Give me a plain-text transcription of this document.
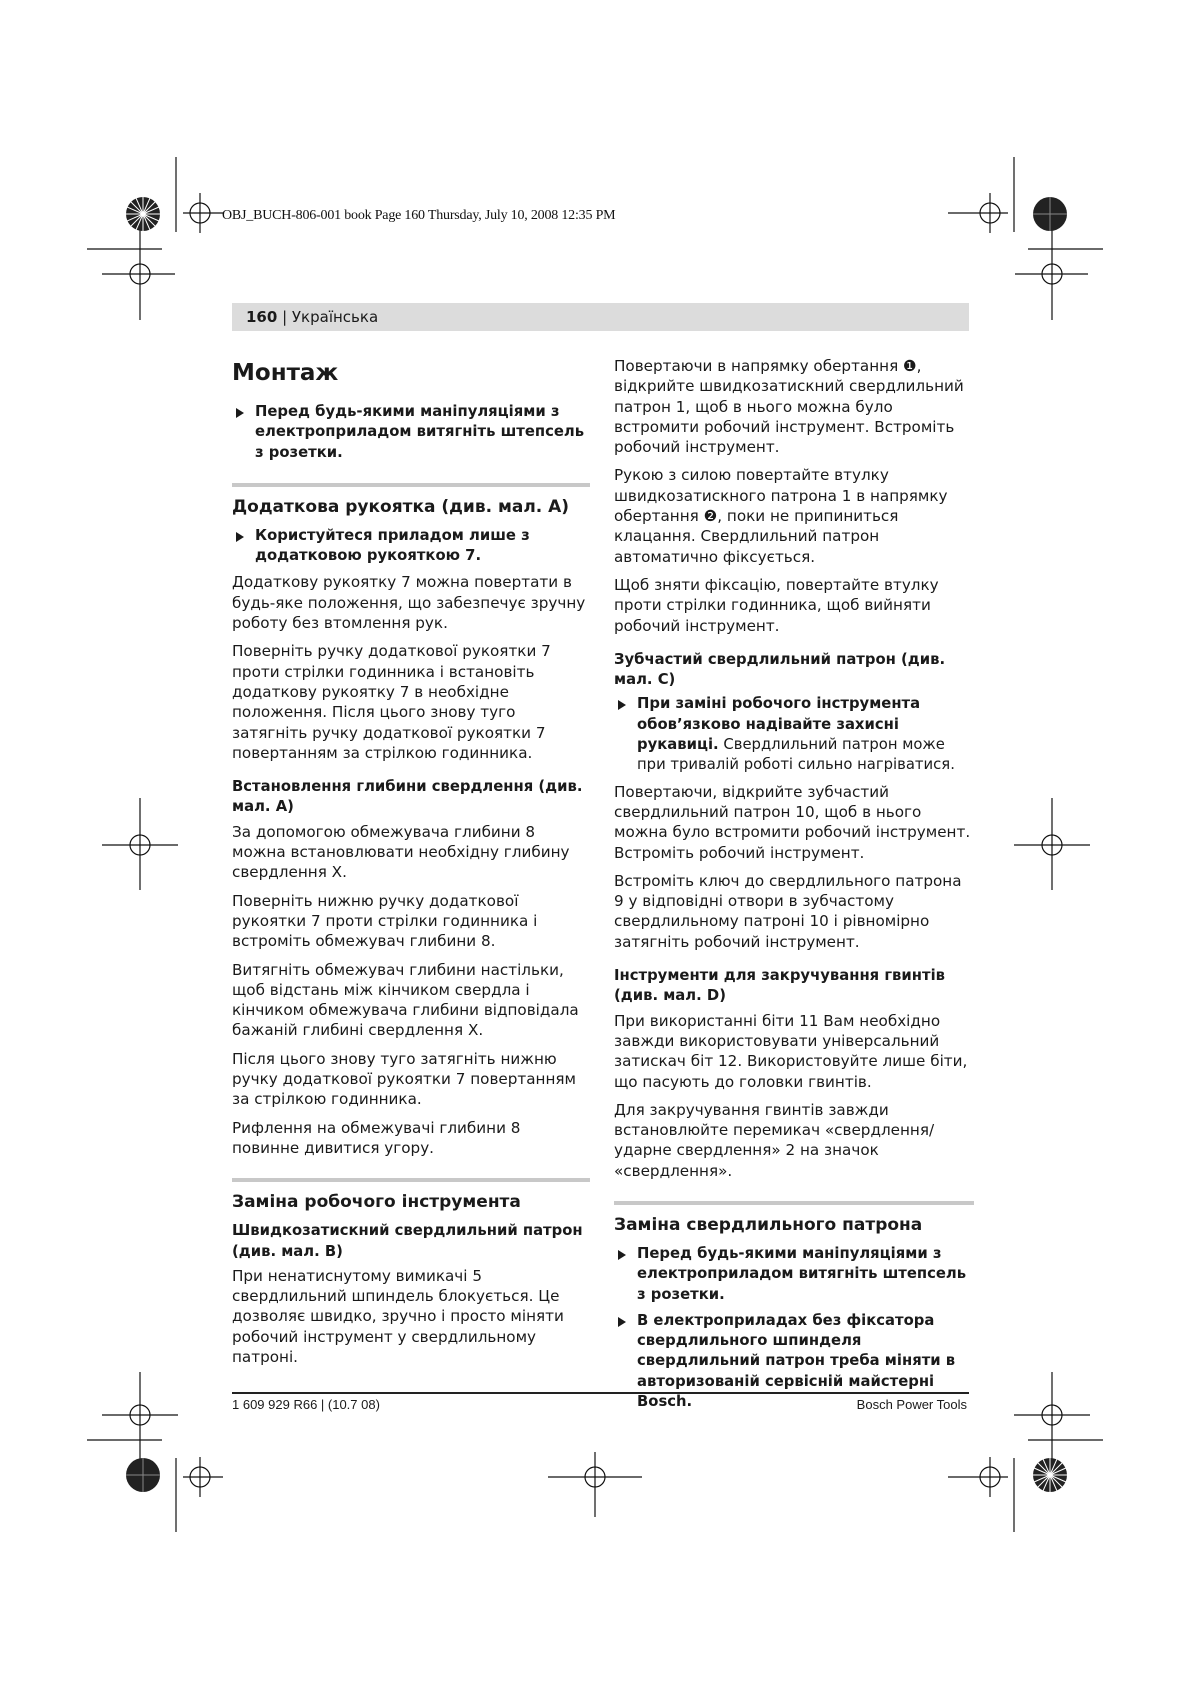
OBJ_BUCH-806-001 book Page 160 Thursday, July 10, 2008 12:35 PM
160 | Українська
Монтаж
Перед будь-якими маніпуляціями з електроприладом витягніть штепсель з розетки.
Додаткова рукоятка (див. мал. A)
Користуйтеся приладом лише з додатковою рукояткою 7.

Додаткову рукоятку 7 можна повертати в будь-яке положення, що забезпечує зручну роботу без втомлення рук.

Поверніть ручку додаткової рукоятки 7 проти стрілки годинника і встановіть додаткову рукоятку 7 в необхідне положення. Після цього знову туго затягніть ручку додаткової рукоятки 7 повертанням за стрілкою годинника.

Встановлення глибини свердлення (див. мал. A)

За допомогою обмежувача глибини 8 можна встановлювати необхідну глибину свердлення X.

Поверніть нижню ручку додаткової рукоятки 7 проти стрілки годинника і встроміть обмежувач глибини 8.

Витягніть обмежувач глибини настільки, щоб відстань між кінчиком свердла і кінчиком обмежувача глибини відповідала бажаній глибині свердлення X.

Після цього знову туго затягніть нижню ручку додаткової рукоятки 7 повертанням за стрілкою годинника.

Рифлення на обмежувачі глибини 8 повинне дивитися угору.

Заміна робочого інструмента
Швидкозатискний свердлильний патрон (див. мал. B)

При ненатиснутому вимикачі 5 свердлильний шпиндель блокується. Це дозволяє швидко, зручно і просто міняти робочий інструмент у свердлильному патроні.

Повертаючи в напрямку обертання ❶, відкрийте швидкозатискний свердлильний патрон 1, щоб в нього можна було встромити робочий інструмент. Встроміть робочий інструмент.

Рукою з силою повертайте втулку швидкозатискного патрона 1 в напрямку обертання ❷, поки не припиниться клацання. Свердлильний патрон автоматично фіксується.

Щоб зняти фіксацію, повертайте втулку проти стрілки годинника, щоб вийняти робочий інструмент.

Зубчастий свердлильний патрон (див. мал. C)
При заміні робочого інструмента обов’язково надівайте захисні рукавиці. Свердлильний патрон може при тривалій роботі сильно нагріватися.

Повертаючи, відкрийте зубчастий свердлильний патрон 10, щоб в нього можна було встромити робочий інструмент. Встроміть робочий інструмент.

Встроміть ключ до свердлильного патрона 9 у відповідні отвори в зубчастому свердлильному патроні 10 і рівномірно затягніть робочий інструмент.

Інструменти для закручування гвинтів (див. мал. D)

При використанні біти 11 Вам необхідно завжди використовувати універсальний затискач біт 12. Використовуйте лише біти, що пасують до головки гвинтів.

Для закручування гвинтів завжди встановлюйте перемикач «свердлення/ударне свердлення» 2 на значок «свердлення».

Заміна свердлильного патрона
Перед будь-якими маніпуляціями з електроприладом витягніть штепсель з розетки.
В електроприладах без фіксатора свердлильного шпинделя свердлильний патрон треба міняти в авторизованій сервісній майстерні Bosch.
1 609 929 R66 | (10.7 08)	Bosch Power Tools
